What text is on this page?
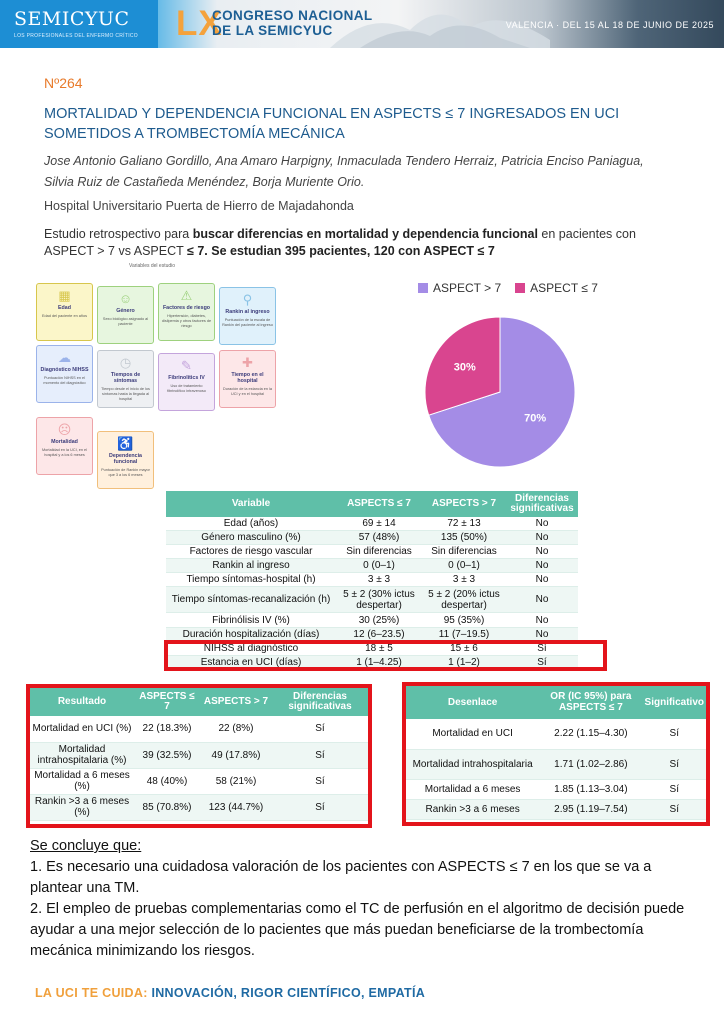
SEMICYUC
LOS PROFESIONALES DEL ENFERMO CRÍTICO LX
CONGRESO NACIONAL
DE LA SEMICYUC	VALENCIA · DEL 15 AL 18 DE JUNIO DE 2025
Nº264
MORTALIDAD Y DEPENDENCIA FUNCIONAL EN ASPECTS ≤ 7 INGRESADOS EN UCI SOMETIDOS A TROMBECTOMÍA MECÁNICA
Jose Antonio Galiano Gordillo, Ana Amaro Harpigny, Inmaculada Tendero Herraiz, Patricia Enciso Paniagua, Silvia Ruiz de Castañeda Menéndez, Borja Muriente Orio.
Hospital Universitario Puerta de Hierro de Majadahonda
Estudio retrospectivo para buscar diferencias en mortalidad y dependencia funcional en pacientes con ASPECT > 7 vs ASPECT ≤ 7. Se estudian 395 pacientes, 120 con ASPECT ≤ 7
Variables del estudio
▦
Edad
Edad del paciente en años
☺
Género
Sexo biológico asignado al paciente
⚠
Factores de riesgo
Hipertensión, diabetes, dislipemia y otros factores de riesgo
⚲
Rankin al ingreso
Puntuación de la escala de Rankin del paciente al ingreso
☁
Diagnóstico NIHSS
Puntuación NIHSS en el momento del diagnóstico
◷
Tiempos de síntomas
Tiempo desde el inicio de los síntomas hasta la llegada al hospital
✎
Fibrinolítics IV
Uso de tratamiento fibrinolítico intravenoso
✚
Tiempo en el hospital
Duración de la estancia en la UCI y en el hospital
☹
Mortalidad
Mortalidad en la UCI, en el hospital y a los 6 meses
♿
Dependencia funcional
Puntuación de Rankin mayor que 3 a los 6 meses
ASPECT > 7	ASPECT ≤ 7
70%
30%
Variable	ASPECTS ≤ 7	ASPECTS > 7	Diferencias significativas
Edad (años)	69 ± 14	72 ± 13	No
Género masculino (%)	57 (48%)	135 (50%)	No
Factores de riesgo vascular	Sin diferencias	Sin diferencias	No
Rankin al ingreso	0 (0–1)	0 (0–1)	No
Tiempo síntomas-hospital (h)	3 ± 3	3 ± 3	No
Tiempo síntomas-recanalización (h)	5 ± 2 (30% ictus despertar)	5 ± 2 (20% ictus despertar)	No
Fibrinólisis IV (%)	30 (25%)	95 (35%)	No
Duración hospitalización (días)	12 (6–23.5)	11 (7–19.5)	No
NIHSS al diagnóstico	18 ± 5	15 ± 6	Sí
Estancia en UCI (días)	1 (1–4.25)	1 (1–2)	Sí
Resultado	ASPECTS ≤ 7	ASPECTS > 7	Diferencias significativas
Mortalidad en UCI (%)	22 (18.3%)	22 (8%)	Sí
Mortalidad intrahospitalaria (%)	39 (32.5%)	49 (17.8%)	Sí
Mortalidad a 6 meses (%)	48 (40%)	58 (21%)	Sí
Rankin >3 a 6 meses (%)	85 (70.8%)	123 (44.7%)	Sí
Desenlace	OR (IC 95%) para ASPECTS ≤ 7	Significativo
Mortalidad en UCI	2.22 (1.15–4.30)	Sí
Mortalidad intrahospitalaria	1.71 (1.02–2.86)	Sí
Mortalidad a 6 meses	1.85 (1.13–3.04)	Sí
Rankin >3 a 6 meses	2.95 (1.19–7.54)	Sí
Se concluye que:
1. Es necesario una cuidadosa valoración de los pacientes con ASPECTS ≤ 7 en los que se va a plantear una TM.
2. El empleo de pruebas complementarias como el TC de perfusión en el algoritmo de decisión puede ayudar a una mejor selección de lo pacientes que más puedan beneficiarse de la trombectomía mecánica minimizando los riesgos.
LA UCI TE CUIDA: INNOVACIÓN, RIGOR CIENTÍFICO, EMPATÍA
